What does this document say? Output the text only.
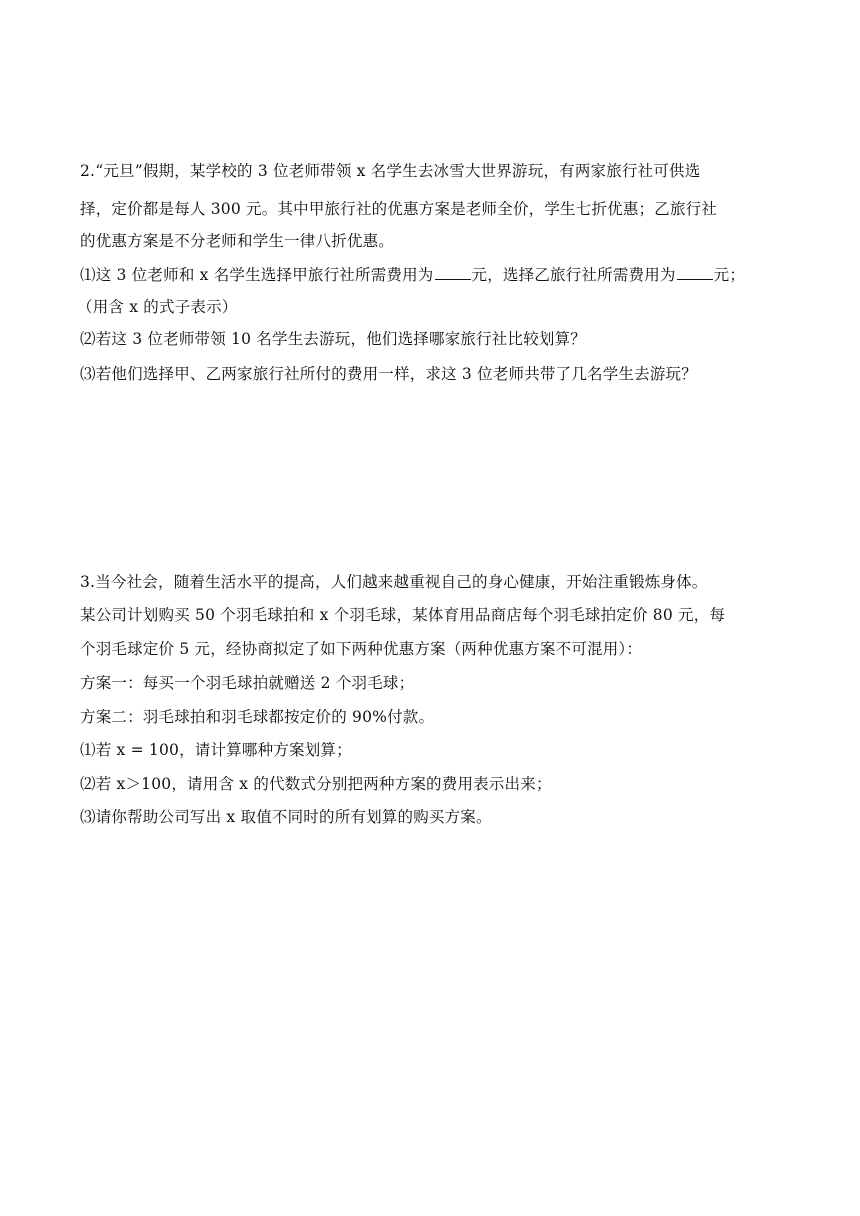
2.“元旦”假期，某学校的 3 位老师带领 x 名学生去冰雪大世界游玩，有两家旅行社可供选
择，定价都是每人 300 元。其中甲旅行社的优惠方案是老师全价，学生七折优惠；乙旅行社
的优惠方案是不分老师和学生一律八折优惠。
⑴这 3 位老师和 x 名学生选择甲旅行社所需费用为 元，选择乙旅行社所需费用为 元；
（用含 x 的式子表示）
⑵若这 3 位老师带领 10 名学生去游玩，他们选择哪家旅行社比较划算？
⑶若他们选择甲、乙两家旅行社所付的费用一样，求这 3 位老师共带了几名学生去游玩？
3.当今社会，随着生活水平的提高，人们越来越重视自己的身心健康，开始注重锻炼身体。
某公司计划购买 50 个羽毛球拍和 x 个羽毛球，某体育用品商店每个羽毛球拍定价 80 元，每
个羽毛球定价 5 元，经协商拟定了如下两种优惠方案（两种优惠方案不可混用）：
方案一：每买一个羽毛球拍就赠送 2 个羽毛球；
方案二：羽毛球拍和羽毛球都按定价的 90%付款。
⑴若 x = 100，请计算哪种方案划算；
⑵若 x＞100，请用含 x 的代数式分别把两种方案的费用表示出来；
⑶请你帮助公司写出 x 取值不同时的所有划算的购买方案。
